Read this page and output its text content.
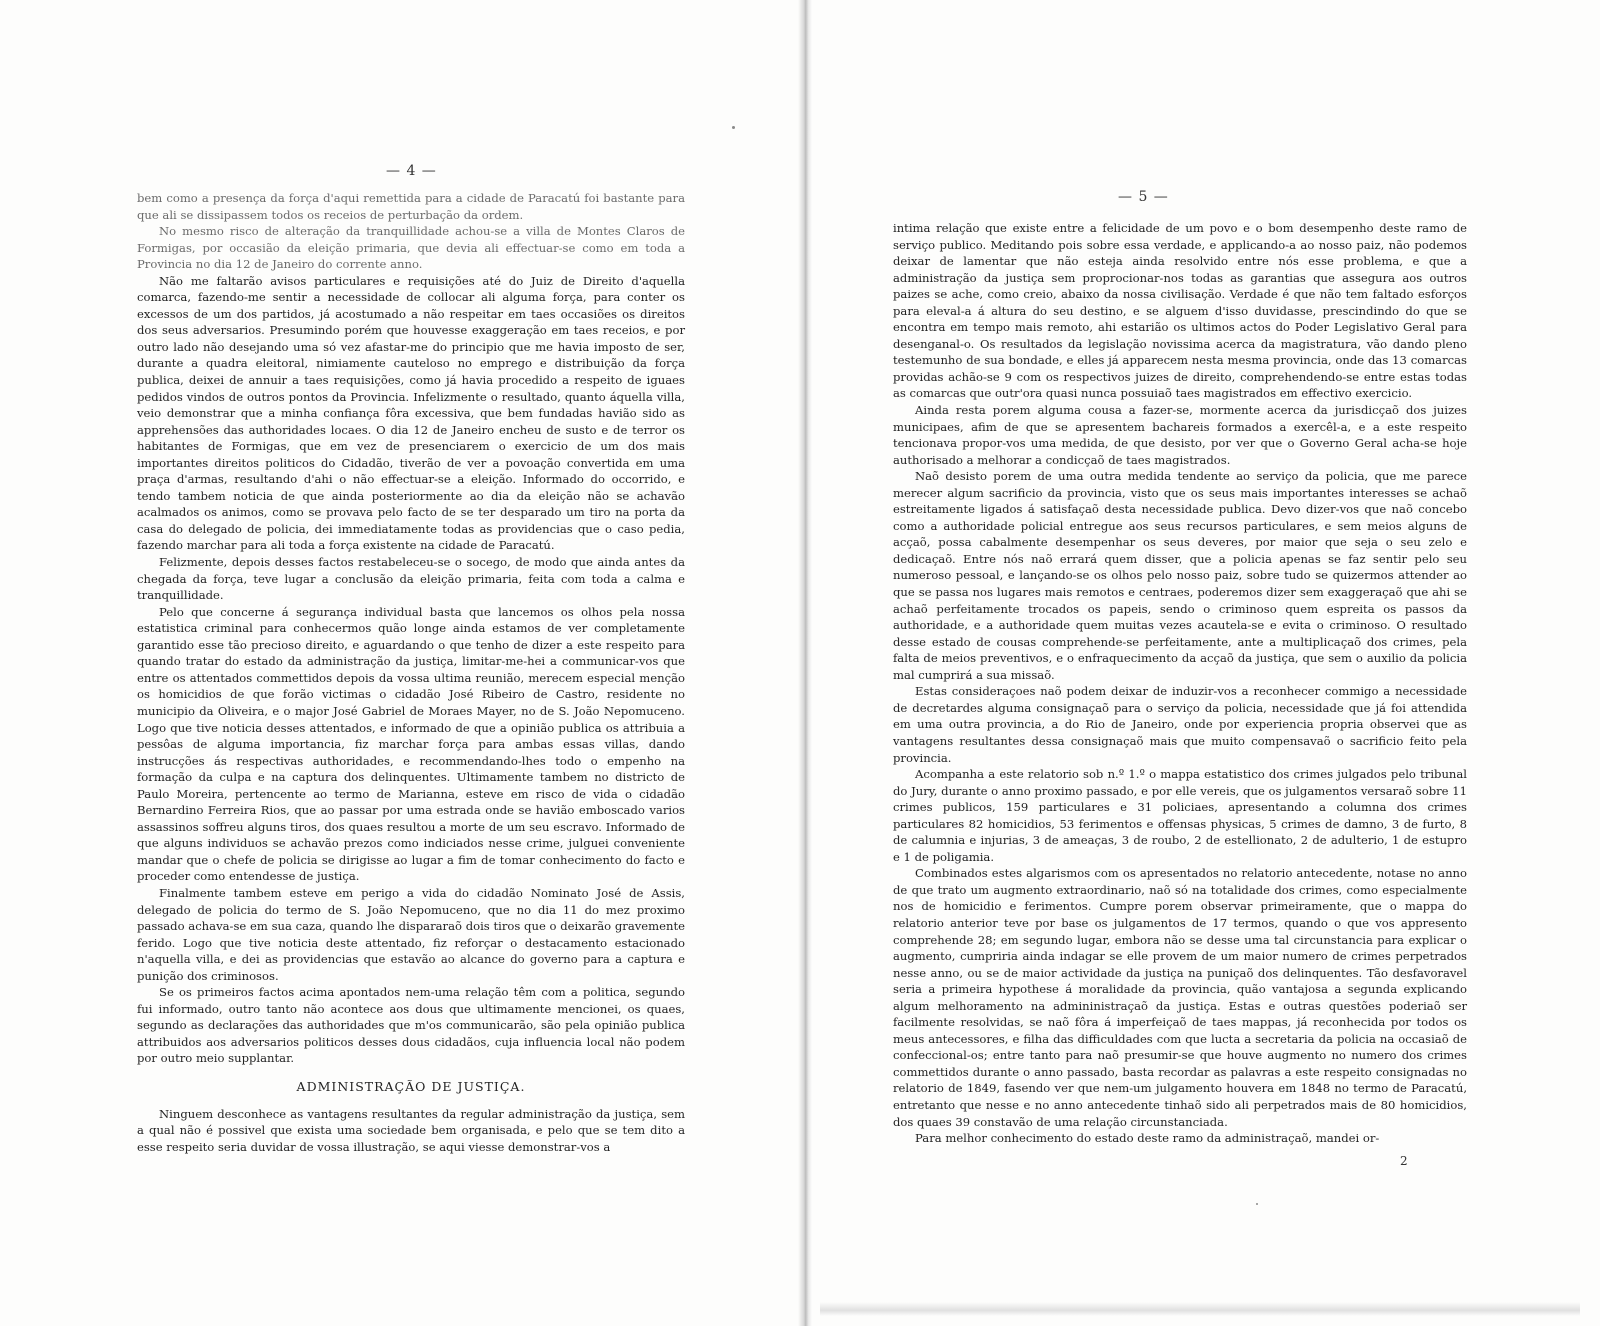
— 4 —

bem como a presença da força d'aqui remettida para a cidade de Paracatú foi bastante para que ali se dissipassem todos os receios de perturbação da ordem.

No mesmo risco de alteração da tranquillidade achou-se a villa de Montes Claros de Formigas, por occasião da eleição primaria, que devia ali effectuar-se como em toda a Provincia no dia 12 de Janeiro do corrente anno.

Não me faltarão avisos particulares e requisições até do Juiz de Direito d'aquella comarca, fazendo-me sentir a necessidade de collocar ali alguma força, para conter os excessos de um dos partidos, já acostumado a não respeitar em taes occasiões os direitos dos seus adversarios. Presumindo porém que houvesse exaggeração em taes receios, e por outro lado não desejando uma só vez afastar-me do principio que me havia imposto de ser, durante a quadra eleitoral, nimiamente cauteloso no emprego e distribuição da força publica, deixei de annuir a taes requisições, como já havia procedido a respeito de iguaes pedidos vindos de outros pontos da Provincia. Infelizmente o resultado, quanto áquella villa, veio demonstrar que a minha confiança fôra excessiva, que bem fundadas havião sido as apprehensões das authoridades locaes. O dia 12 de Janeiro encheu de susto e de terror os habitantes de Formigas, que em vez de presenciarem o exercicio de um dos mais importantes direitos politicos do Cidadão, tiverão de ver a povoação convertida em uma praça d'armas, resultando d'ahi o não effectuar-se a eleição. Informado do occorrido, e tendo tambem noticia de que ainda posteriormente ao dia da eleição não se achavão acalmados os animos, como se provava pelo facto de se ter desparado um tiro na porta da casa do delegado de policia, dei immediatamente todas as providencias que o caso pedia, fazendo marchar para ali toda a força existente na cidade de Paracatú.

Felizmente, depois desses factos restabeleceu-se o socego, de modo que ainda antes da chegada da força, teve lugar a conclusão da eleição primaria, feita com toda a calma e tranquillidade.

Pelo que concerne á segurança individual basta que lancemos os olhos pela nossa estatistica criminal para conhecermos quão longe ainda estamos de ver completamente garantido esse tão precioso direito, e aguardando o que tenho de dizer a este respeito para quando tratar do estado da administração da justiça, limitar-me-hei a communicar-vos que entre os attentados commettidos depois da vossa ultima reunião, merecem especial menção os homicidios de que forão victimas o cidadão José Ribeiro de Castro, residente no municipio da Oliveira, e o major José Gabriel de Moraes Mayer, no de S. João Nepomuceno. Logo que tive noticia desses attentados, e informado de que a opinião publica os attribuia a pessôas de alguma importancia, fiz marchar força para ambas essas villas, dando instrucções ás respectivas authoridades, e recommendando-lhes todo o empenho na formação da culpa e na captura dos delinquentes. Ultimamente tambem no districto de Paulo Moreira, pertencente ao termo de Marianna, esteve em risco de vida o cidadão Bernardino Ferreira Rios, que ao passar por uma estrada onde se havião emboscado varios assassinos soffreu alguns tiros, dos quaes resultou a morte de um seu escravo. Informado de que alguns individuos se achavão prezos como indiciados nesse crime, julguei conveniente mandar que o chefe de policia se dirigisse ao lugar a fim de tomar conhecimento do facto e proceder como entendesse de justiça.

Finalmente tambem esteve em perigo a vida do cidadão Nominato José de Assis, delegado de policia do termo de S. João Nepomuceno, que no dia 11 do mez proximo passado achava-se em sua caza, quando lhe dispararaõ dois tiros que o deixarão gravemente ferido. Logo que tive noticia deste attentado, fiz reforçar o destacamento estacionado n'aquella villa, e dei as providencias que estavão ao alcance do governo para a captura e punição dos criminosos.

Se os primeiros factos acima apontados nem-uma relação têm com a politica, segundo fui informado, outro tanto não acontece aos dous que ultimamente mencionei, os quaes, segundo as declarações das authoridades que m'os communicarão, são pela opinião publica attribuidos aos adversarios politicos desses dous cidadãos, cuja influencia local não podem por outro meio supplantar.

ADMINISTRAÇÃO DE JUSTIÇA.

Ninguem desconhece as vantagens resultantes da regular administração da justiça, sem a qual não é possivel que exista uma sociedade bem organisada, e pelo que se tem dito a esse respeito seria duvidar de vossa illustração, se aqui viesse demonstrar-vos a

— 5 —

intima relação que existe entre a felicidade de um povo e o bom desempenho deste ramo de serviço publico. Meditando pois sobre essa verdade, e applicando-a ao nosso paiz, não podemos deixar de lamentar que não esteja ainda resolvido entre nós esse problema, e que a administração da justiça sem proprocionar-nos todas as garantias que assegura aos outros paizes se ache, como creio, abaixo da nossa civilisação. Verdade é que não tem faltado esforços para eleval-a á altura do seu destino, e se alguem d'isso duvidasse, prescindindo do que se encontra em tempo mais remoto, ahi estarião os ultimos actos do Poder Legislativo Geral para desenganal-o. Os resultados da legislação novissima acerca da magistratura, vão dando pleno testemunho de sua bondade, e elles já apparecem nesta mesma provincia, onde das 13 comarcas providas achão-se 9 com os respectivos juizes de direito, comprehendendo-se entre estas todas as comarcas que outr'ora quasi nunca possuiaõ taes magistrados em effectivo exercicio.

Ainda resta porem alguma cousa a fazer-se, mormente acerca da jurisdicçaõ dos juizes municipaes, afim de que se apresentem bachareis formados a exercêl-a, e a este respeito tencionava propor-vos uma medida, de que desisto, por ver que o Governo Geral acha-se hoje authorisado a melhorar a condicçaõ de taes magistrados.

Naõ desisto porem de uma outra medida tendente ao serviço da policia, que me parece merecer algum sacrificio da provincia, visto que os seus mais importantes interesses se achaõ estreitamente ligados á satisfaçaõ desta necessidade publica. Devo dizer-vos que naõ concebo como a authoridade policial entregue aos seus recursos particulares, e sem meios alguns de acçaõ, possa cabalmente desempenhar os seus deveres, por maior que seja o seu zelo e dedicaçaõ. Entre nós naõ errará quem disser, que a policia apenas se faz sentir pelo seu numeroso pessoal, e lançando-se os olhos pelo nosso paiz, sobre tudo se quizermos attender ao que se passa nos lugares mais remotos e centraes, poderemos dizer sem exaggeraçaõ que ahi se achaõ perfeitamente trocados os papeis, sendo o criminoso quem espreita os passos da authoridade, e a authoridade quem muitas vezes acautela-se e evita o criminoso. O resultado desse estado de cousas comprehende-se perfeitamente, ante a multiplicaçaõ dos crimes, pela falta de meios preventivos, e o enfraquecimento da acçaõ da justiça, que sem o auxilio da policia mal cumprirá a sua missaõ.

Estas consideraçoes naõ podem deixar de induzir-vos a reconhecer commigo a necessidade de decretardes alguma consignaçaõ para o serviço da policia, necessidade que já foi attendida em uma outra provincia, a do Rio de Janeiro, onde por experiencia propria observei que as vantagens resultantes dessa consignaçaõ mais que muito compensavaõ o sacrificio feito pela provincia.

Acompanha a este relatorio sob n.º 1.º o mappa estatistico dos crimes julgados pelo tribunal do Jury, durante o anno proximo passado, e por elle vereis, que os julgamentos versaraõ sobre 11 crimes publicos, 159 particulares e 31 policiaes, apresentando a columna dos crimes particulares 82 homicidios, 53 ferimentos e offensas physicas, 5 crimes de damno, 3 de furto, 8 de calumnia e injurias, 3 de ameaças, 3 de roubo, 2 de estellionato, 2 de adulterio, 1 de estupro e 1 de poligamia.

Combinados estes algarismos com os apresentados no relatorio antecedente, notase no anno de que trato um augmento extraordinario, naõ só na totalidade dos crimes, como especialmente nos de homicidio e ferimentos. Cumpre porem observar primeiramente, que o mappa do relatorio anterior teve por base os julgamentos de 17 termos, quando o que vos appresento comprehende 28; em segundo lugar, embora não se desse uma tal circunstancia para explicar o augmento, cumpriria ainda indagar se elle provem de um maior numero de crimes perpetrados nesse anno, ou se de maior actividade da justiça na puniçaõ dos delinquentes. Tão desfavoravel seria a primeira hypothese á moralidade da provincia, quão vantajosa a segunda explicando algum melhoramento na admininistraçaõ da justiça. Estas e outras questões poderiaõ ser facilmente resolvidas, se naõ fôra á imperfeiçaõ de taes mappas, já reconhecida por todos os meus antecessores, e filha das difficuldades com que lucta a secretaria da policia na occasiaõ de confeccional-os; entre tanto para naõ presumir-se que houve augmento no numero dos crimes commettidos durante o anno passado, basta recordar as palavras a este respeito consignadas no relatorio de 1849, fasendo ver que nem-um julgamento houvera em 1848 no termo de Paracatú, entretanto que nesse e no anno antecedente tinhaõ sido ali perpetrados mais de 80 homicidios, dos quaes 39 constavão de uma relação circunstanciada.

Para melhor conhecimento do estado deste ramo da administraçaõ, mandei or-

2
